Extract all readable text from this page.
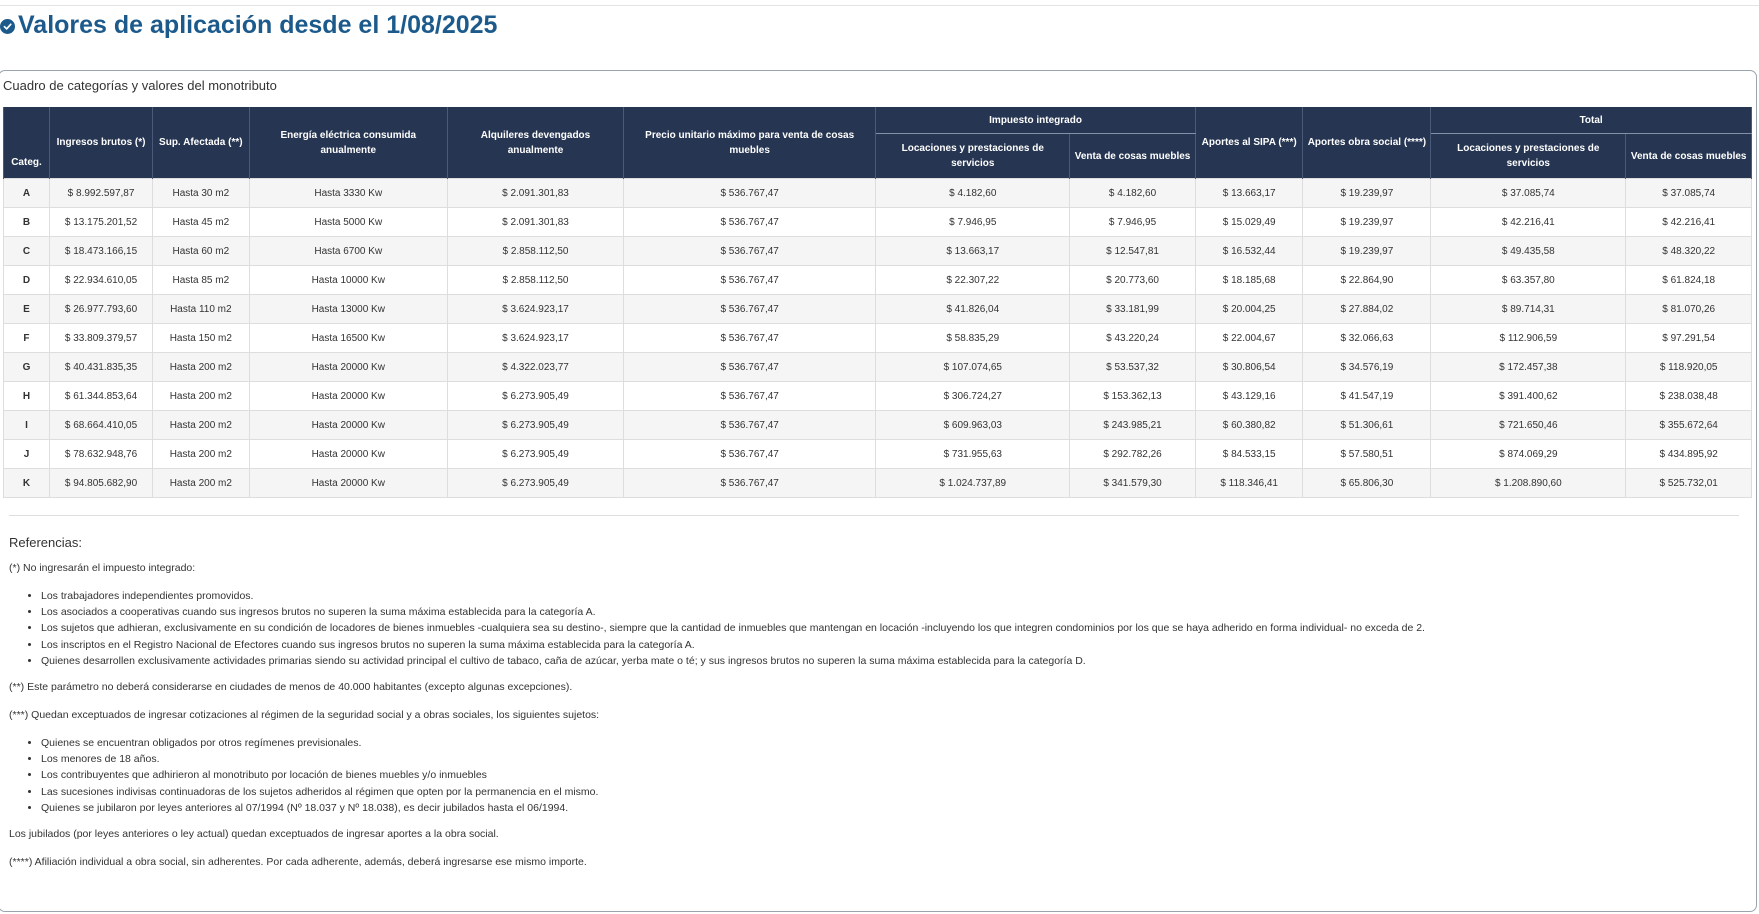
Valores de aplicación desde el 1/08/2025
Cuadro de categorías y valores del monotributo
Categ.	Ingresos brutos (*)	Sup. Afectada (**)	Energía eléctrica consumida anualmente	Alquileres devengados anualmente	Precio unitario máximo para venta de cosas muebles	Impuesto integrado		Aportes al SIPA (***)	Aportes obra social (****)	Total	
						Locaciones y prestaciones de servicios	Venta de cosas muebles			Locaciones y prestaciones de servicios	Venta de cosas muebles
A	$ 8.992.597,87	Hasta 30 m2	Hasta 3330 Kw	$ 2.091.301,83	$ 536.767,47	$ 4.182,60	$ 4.182,60	$ 13.663,17	$ 19.239,97	$ 37.085,74	$ 37.085,74
B	$ 13.175.201,52	Hasta 45 m2	Hasta 5000 Kw	$ 2.091.301,83	$ 536.767,47	$ 7.946,95	$ 7.946,95	$ 15.029,49	$ 19.239,97	$ 42.216,41	$ 42.216,41
C	$ 18.473.166,15	Hasta 60 m2	Hasta 6700 Kw	$ 2.858.112,50	$ 536.767,47	$ 13.663,17	$ 12.547,81	$ 16.532,44	$ 19.239,97	$ 49.435,58	$ 48.320,22
D	$ 22.934.610,05	Hasta 85 m2	Hasta 10000 Kw	$ 2.858.112,50	$ 536.767,47	$ 22.307,22	$ 20.773,60	$ 18.185,68	$ 22.864,90	$ 63.357,80	$ 61.824,18
E	$ 26.977.793,60	Hasta 110 m2	Hasta 13000 Kw	$ 3.624.923,17	$ 536.767,47	$ 41.826,04	$ 33.181,99	$ 20.004,25	$ 27.884,02	$ 89.714,31	$ 81.070,26
F	$ 33.809.379,57	Hasta 150 m2	Hasta 16500 Kw	$ 3.624.923,17	$ 536.767,47	$ 58.835,29	$ 43.220,24	$ 22.004,67	$ 32.066,63	$ 112.906,59	$ 97.291,54
G	$ 40.431.835,35	Hasta 200 m2	Hasta 20000 Kw	$ 4.322.023,77	$ 536.767,47	$ 107.074,65	$ 53.537,32	$ 30.806,54	$ 34.576,19	$ 172.457,38	$ 118.920,05
H	$ 61.344.853,64	Hasta 200 m2	Hasta 20000 Kw	$ 6.273.905,49	$ 536.767,47	$ 306.724,27	$ 153.362,13	$ 43.129,16	$ 41.547,19	$ 391.400,62	$ 238.038,48
I	$ 68.664.410,05	Hasta 200 m2	Hasta 20000 Kw	$ 6.273.905,49	$ 536.767,47	$ 609.963,03	$ 243.985,21	$ 60.380,82	$ 51.306,61	$ 721.650,46	$ 355.672,64
J	$ 78.632.948,76	Hasta 200 m2	Hasta 20000 Kw	$ 6.273.905,49	$ 536.767,47	$ 731.955,63	$ 292.782,26	$ 84.533,15	$ 57.580,51	$ 874.069,29	$ 434.895,92
K	$ 94.805.682,90	Hasta 200 m2	Hasta 20000 Kw	$ 6.273.905,49	$ 536.767,47	$ 1.024.737,89	$ 341.579,30	$ 118.346,41	$ 65.806,30	$ 1.208.890,60	$ 525.732,01
Referencias:

(*) No ingresarán el impuesto integrado:

• Los trabajadores independientes promovidos.
• Los asociados a cooperativas cuando sus ingresos brutos no superen la suma máxima establecida para la categoría A.
• Los sujetos que adhieran, exclusivamente en su condición de locadores de bienes inmuebles -cualquiera sea su destino-, siempre que la cantidad de inmuebles que mantengan en locación -incluyendo los que integren condominios por los que se haya adherido en forma individual- no exceda de 2.
• Los inscriptos en el Registro Nacional de Efectores cuando sus ingresos brutos no superen la suma máxima establecida para la categoría A.
• Quienes desarrollen exclusivamente actividades primarias siendo su actividad principal el cultivo de tabaco, caña de azúcar, yerba mate o té; y sus ingresos brutos no superen la suma máxima establecida para la categoría D.

(**) Este parámetro no deberá considerarse en ciudades de menos de 40.000 habitantes (excepto algunas excepciones).

(***) Quedan exceptuados de ingresar cotizaciones al régimen de la seguridad social y a obras sociales, los siguientes sujetos:

• Quienes se encuentran obligados por otros regímenes previsionales.
• Los menores de 18 años.
• Los contribuyentes que adhirieron al monotributo por locación de bienes muebles y/o inmuebles
• Las sucesiones indivisas continuadoras de los sujetos adheridos al régimen que opten por la permanencia en el mismo.
• Quienes se jubilaron por leyes anteriores al 07/1994 (Nº 18.037 y Nº 18.038), es decir jubilados hasta el 06/1994.

Los jubilados (por leyes anteriores o ley actual) quedan exceptuados de ingresar aportes a la obra social.

(****) Afiliación individual a obra social, sin adherentes. Por cada adherente, además, deberá ingresarse ese mismo importe.
